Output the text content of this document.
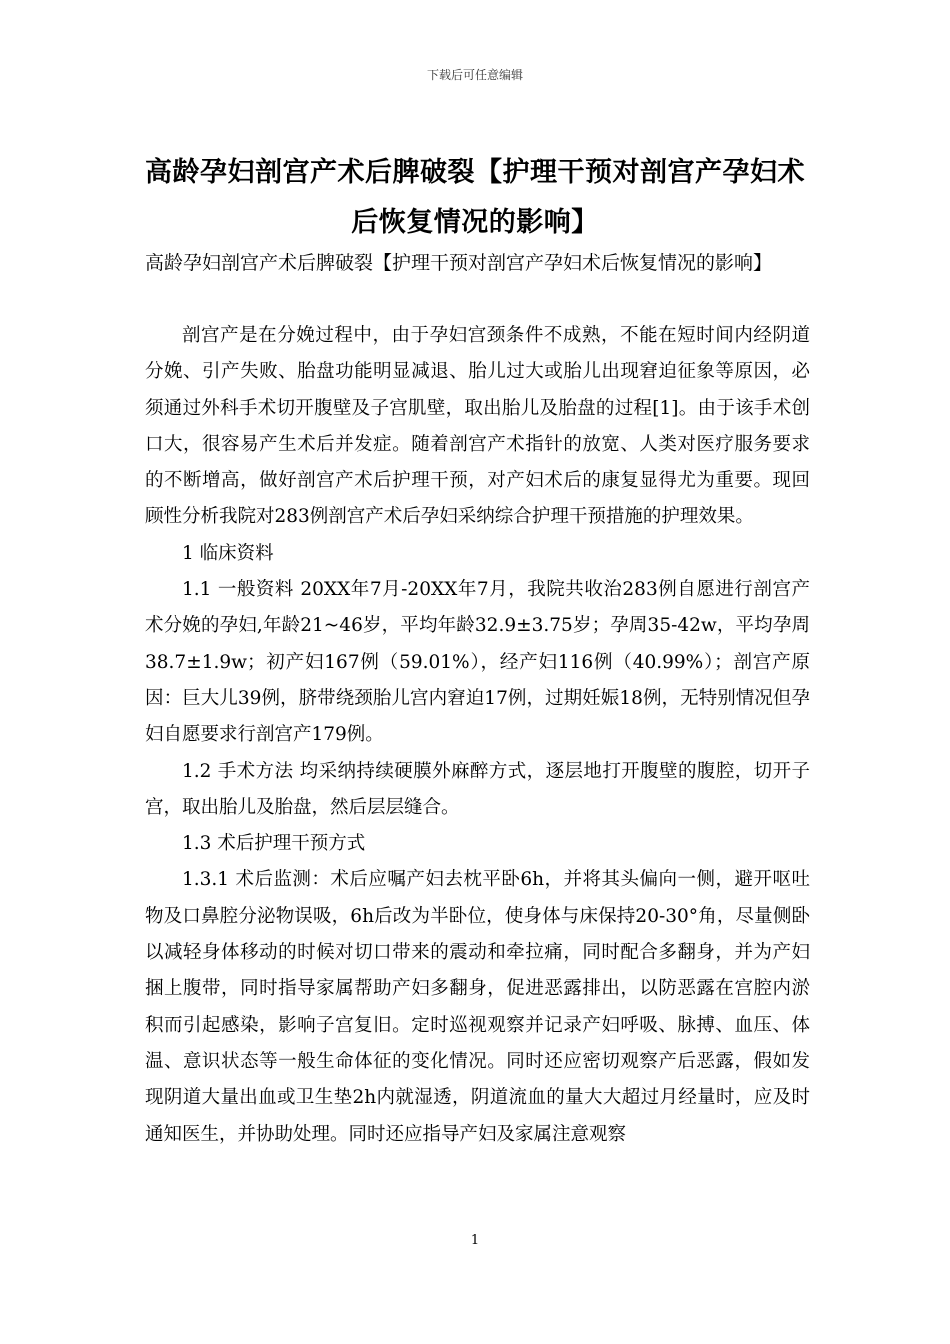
下载后可任意编辑
高龄孕妇剖宫产术后脾破裂【护理干预对剖宫产孕妇术后恢复情况的影响】
高龄孕妇剖宫产术后脾破裂【护理干预对剖宫产孕妇术后恢复情况的影响】

剖宫产是在分娩过程中，由于孕妇宫颈条件不成熟，不能在短时间内经阴道分娩、引产失败、胎盘功能明显减退、胎儿过大或胎儿出现窘迫征象等原因，必须通过外科手术切开腹壁及子宫肌壁，取出胎儿及胎盘的过程[1]。由于该手术创口大，很容易产生术后并发症。随着剖宫产术指针的放宽、人类对医疗服务要求的不断增高，做好剖宫产术后护理干预，对产妇术后的康复显得尤为重要。现回顾性分析我院对283例剖宫产术后孕妇采纳综合护理干预措施的护理效果。

1 临床资料

1.1 一般资料 20XX年7月-20XX年7月，我院共收治283例自愿进行剖宫产术分娩的孕妇,年龄21~46岁，平均年龄32.9±3.75岁；孕周35-42w，平均孕周38.7±1.9w；初产妇167例（59.01%），经产妇116例（40.99%）；剖宫产原因：巨大儿39例，脐带绕颈胎儿宫内窘迫17例，过期妊娠18例，无特别情况但孕妇自愿要求行剖宫产179例。

1.2 手术方法 均采纳持续硬膜外麻醉方式，逐层地打开腹壁的腹腔，切开子宫，取出胎儿及胎盘，然后层层缝合。

1.3 术后护理干预方式

1.3.1 术后监测：术后应嘱产妇去枕平卧6h，并将其头偏向一侧，避开呕吐物及口鼻腔分泌物误吸，6h后改为半卧位，使身体与床保持20-30°角，尽量侧卧以减轻身体移动的时候对切口带来的震动和牵拉痛，同时配合多翻身，并为产妇捆上腹带，同时指导家属帮助产妇多翻身，促进恶露排出，以防恶露在宫腔内淤积而引起感染，影响子宫复旧。定时巡视观察并记录产妇呼吸、脉搏、血压、体温、意识状态等一般生命体征的变化情况。同时还应密切观察产后恶露，假如发现阴道大量出血或卫生垫2h内就湿透，阴道流血的量大大超过月经量时，应及时通知医生，并协助处理。同时还应指导产妇及家属注意观察

1
